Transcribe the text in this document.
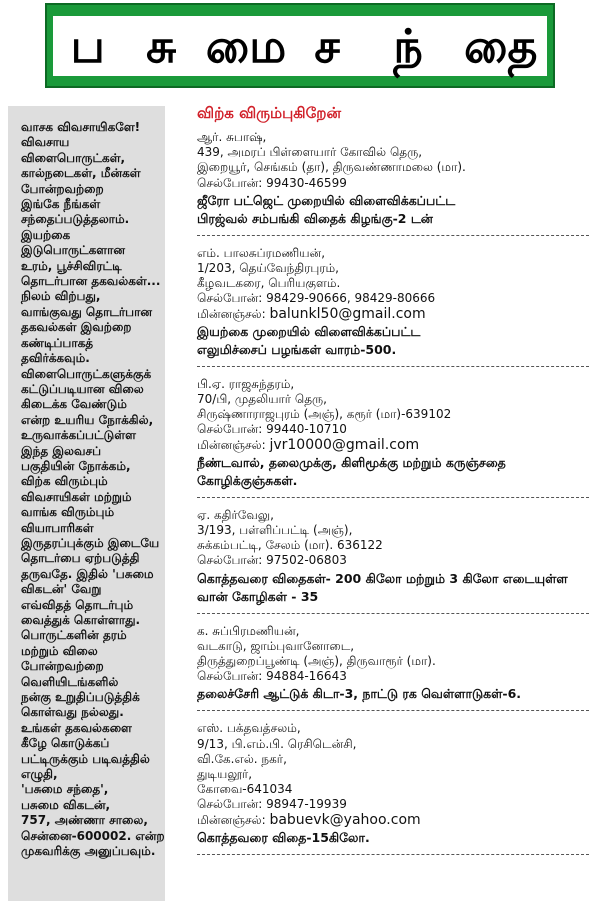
ப சு மை ச	ந் தை
வாசக விவசாயிகளே!
விவசாய
விளைபொருட்கள்,
கால்நடைகள், மீன்கள்
போன்றவற்றை
இங்கே நீங்கள்
சந்தைப்படுத்தலாம்.
இயற்கை
இடுபொருட்களான
உரம், பூச்சிவிரட்டி
தொடர்பான தகவல்கள்...
நிலம் விற்பது,
வாங்குவது தொடர்பான
தகவல்கள் இவற்றை
கண்டிப்பாகத்
தவிர்க்கவும்.
விளைபொருட்களுக்குக்
கட்டுப்படியான விலை
கிடைக்க வேண்டும்
என்ற உயரிய நோக்கில்,
உருவாக்கப்பட்டுள்ள
இந்த இலவசப்
பகுதியின் நோக்கம்,
விற்க விரும்பும்
விவசாயிகள் மற்றும்
வாங்க விரும்பும்
வியாபாரிகள்
இருதரப்புக்கும் இடையே
தொடர்பை ஏற்படுத்தி
தருவதே. இதில் 'பசுமை
விகடன்' வேறு
எவ்விதத் தொடர்பும்
வைத்துக் கொள்ளாது.
பொருட்களின் தரம்
மற்றும் விலை
போன்றவற்றை
வெளியிடங்களில்
நன்கு உறுதிப்படுத்திக்
கொள்வது நல்லது.
உங்கள் தகவல்களை
கீழே கொடுக்கப்
பட்டிருக்கும் படிவத்தில்
எழுதி,
'பசுமை சந்தை',
பசுமை விகடன்,
757, அண்ணா சாலை,
சென்னை-600002. என்ற
முகவரிக்கு அனுப்பவும்.
விற்க விரும்புகிறேன்
ஆர். சுபாஷ்,
439, அமரப் பிள்ளையார் கோவில் தெரு,
இறையூர், செங்கம் (தா), திருவண்ணாமலை (மா).
செல்போன்: 99430-46599
ஜீரோ பட்ஜெட் முறையில் விளைவிக்கப்பட்ட
பிரஜ்வல் சம்பங்கி விதைக் கிழங்கு-2 டன்
எம். பாலசுப்ரமணியன்,
1/203, தெய்வேந்திரபுரம்,
கீழவடகரை, பெரியகுளம்.
செல்போன்: 98429-90666, 98429-80666
மின்னஞ்சல்: balunkl50@gmail.com
இயற்கை முறையில் விளைவிக்கப்பட்ட
எலுமிச்சைப் பழங்கள் வாரம்-500.
பி.ஏ. ராஜசுந்தரம்,
70/பி, முதலியார் தெரு,
சிருஷ்ணாராஜபுரம் (அஞ்), கரூர் (மா)-639102
செல்போன்: 99440-10710
மின்னஞ்சல்: jvr10000@gmail.com
நீண்டவால், தலைமுக்கு, கிளிமூக்கு மற்றும் கருஞ்சதை
கோழிக்குஞ்சுகள்.
ஏ. கதிர்வேலு,
3/193, பள்ளிப்பட்டி (அஞ்),
சுக்கம்பட்டி, சேலம் (மா). 636122
செல்போன்: 97502-06803
கொத்தவரை விதைகள்- 200 கிலோ மற்றும் 3 கிலோ எடையுள்ள
வான் கோழிகள் - 35
க. சுப்பிரமணியன்,
வடகாடு, ஜாம்புவானோடை,
திருத்துறைப்பூண்டி (அஞ்), திருவாரூர் (மா).
செல்போன்: 94884-16643
தலைச்சேரி ஆட்டுக் கிடா-3, நாட்டு ரக வெள்ளாடுகள்-6.
எஸ். பக்தவத்சலம்,
9/13, பி.எம்.பி. ரெசிடென்சி,
வி.கே.எல். நகர்,
துடியலூர்,
கோவை-641034
செல்போன்: 98947-19939
மின்னஞ்சல்: babuevk@yahoo.com
கொத்தவரை விதை-15கிலோ.
